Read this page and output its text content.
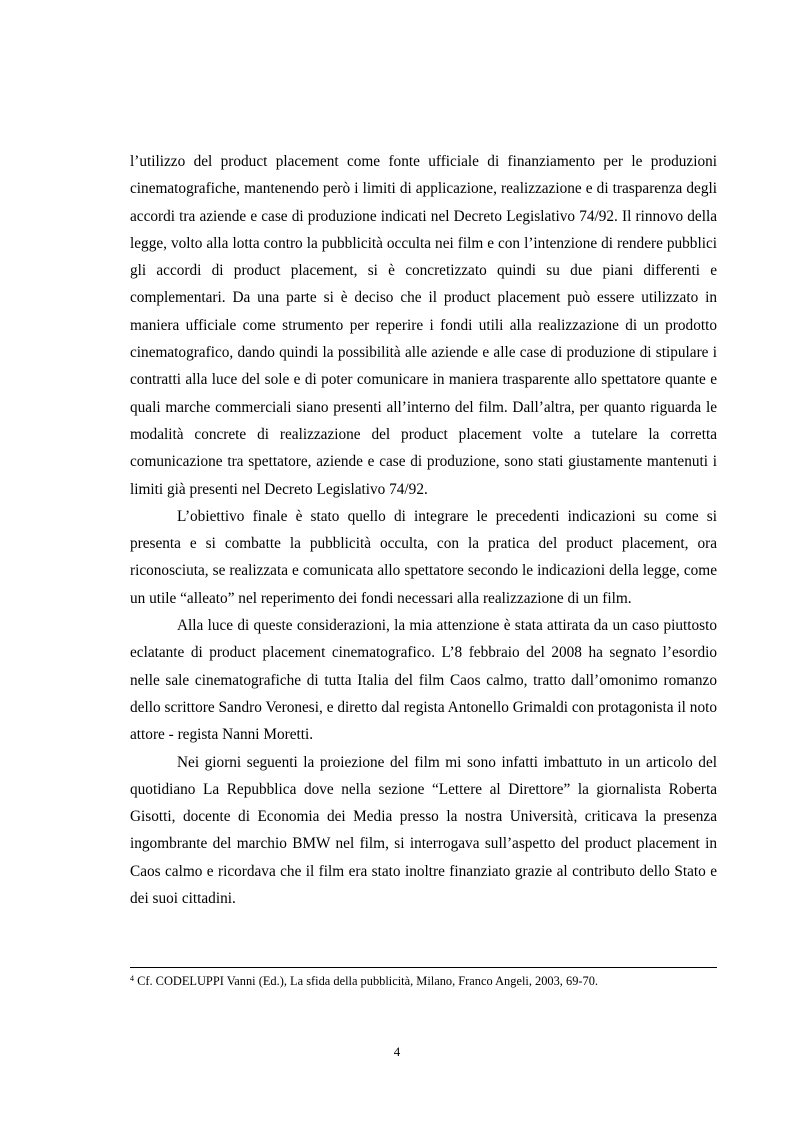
l’utilizzo del product placement come fonte ufficiale di finanziamento per le produzioni cinematografiche, mantenendo però i limiti di applicazione, realizzazione e di trasparenza degli accordi tra aziende e case di produzione indicati nel Decreto Legislativo 74/92. Il rinnovo della legge, volto alla lotta contro la pubblicità occulta nei film e con l’intenzione di rendere pubblici gli accordi di product placement, si è concretizzato quindi su due piani differenti e complementari. Da una parte si è deciso che il product placement può essere utilizzato in maniera ufficiale come strumento per reperire i fondi utili alla realizzazione di un prodotto cinematografico, dando quindi la possibilità alle aziende e alle case di produzione di stipulare i contratti alla luce del sole e di poter comunicare in maniera trasparente allo spettatore quante e quali marche commerciali siano presenti all’interno del film. Dall’altra, per quanto riguarda le modalità concrete di realizzazione del product placement volte a tutelare la corretta comunicazione tra spettatore, aziende e case di produzione, sono stati giustamente mantenuti i limiti già presenti nel Decreto Legislativo 74/92.

L’obiettivo finale è stato quello di integrare le precedenti indicazioni su come si presenta e si combatte la pubblicità occulta, con la pratica del product placement, ora riconosciuta, se realizzata e comunicata allo spettatore secondo le indicazioni della legge, come un utile “alleato” nel reperimento dei fondi necessari alla realizzazione di un film.

Alla luce di queste considerazioni, la mia attenzione è stata attirata da un caso piuttosto eclatante di product placement cinematografico. L’8 febbraio del 2008 ha segnato l’esordio nelle sale cinematografiche di tutta Italia del film Caos calmo, tratto dall’omonimo romanzo dello scrittore Sandro Veronesi, e diretto dal regista Antonello Grimaldi con protagonista il noto attore - regista Nanni Moretti.

Nei giorni seguenti la proiezione del film mi sono infatti imbattuto in un articolo del quotidiano La Repubblica dove nella sezione “Lettere al Direttore” la giornalista Roberta Gisotti, docente di Economia dei Media presso la nostra Università, criticava la presenza ingombrante del marchio BMW nel film, si interrogava sull’aspetto del product placement in Caos calmo e ricordava che il film era stato inoltre finanziato grazie al contributo dello Stato e dei suoi cittadini.

$^4$ Cf. CODELUPPI Vanni (Ed.), La sfida della pubblicità, Milano, Franco Angeli, 2003, 69-70.

4
